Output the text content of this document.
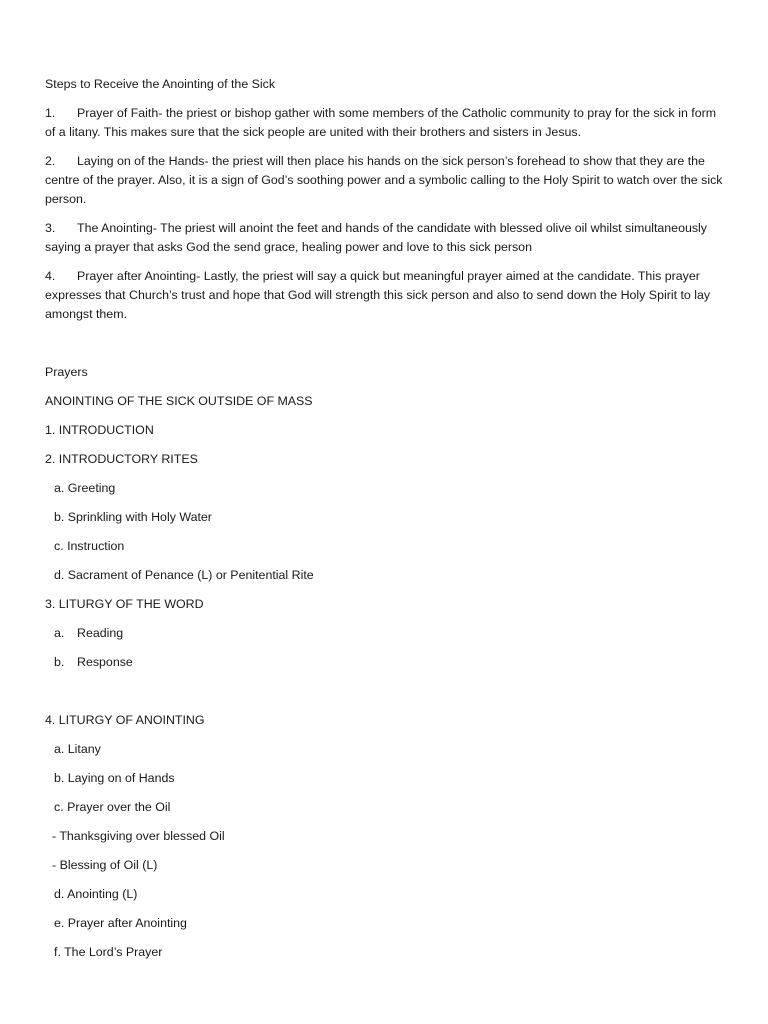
Steps to Receive the Anointing of the Sick

1. Prayer of Faith- the priest or bishop gather with some members of the Catholic community to pray for the sick in form of a litany. This makes sure that the sick people are united with their brothers and sisters in Jesus.
2. Laying on of the Hands- the priest will then place his hands on the sick person’s forehead to show that they are the centre of the prayer. Also, it is a sign of God’s soothing power and a symbolic calling to the Holy Spirit to watch over the sick person.
3. The Anointing- The priest will anoint the feet and hands of the candidate with blessed olive oil whilst simultaneously saying a prayer that asks God the send grace, healing power and love to this sick person
4. Prayer after Anointing- Lastly, the priest will say a quick but meaningful prayer aimed at the candidate. This prayer expresses that Church’s trust and hope that God will strength this sick person and also to send down the Holy Spirit to lay amongst them.

Prayers

ANOINTING OF THE SICK OUTSIDE OF MASS

1. INTRODUCTION

2. INTRODUCTORY RITES

a. Greeting

b. Sprinkling with Holy Water

c. Instruction

d. Sacrament of Penance (L) or Penitential Rite

3. LITURGY OF THE WORD

a. Reading

b. Response

4. LITURGY OF ANOINTING

a. Litany

b. Laying on of Hands

c. Prayer over the Oil

- Thanksgiving over blessed Oil

- Blessing of Oil (L)

d. Anointing (L)

e. Prayer after Anointing

f. The Lord’s Prayer
